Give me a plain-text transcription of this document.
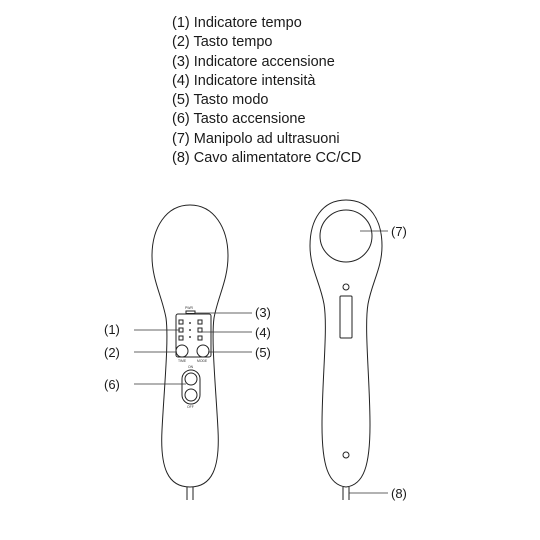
(1) Indicatore tempo
(2) Tasto tempo
(3) Indicatore accensione
(4) Indicatore intensità
(5) Tasto modo
(6) Tasto accensione
(7) Manipolo ad ultrasuoni
(8) Cavo alimentatore CC/CD
PWR
TIME	MODE
ON
OFF
(1)
(2)
(3)
(4)
(5)
(6)
(7)
(8)
